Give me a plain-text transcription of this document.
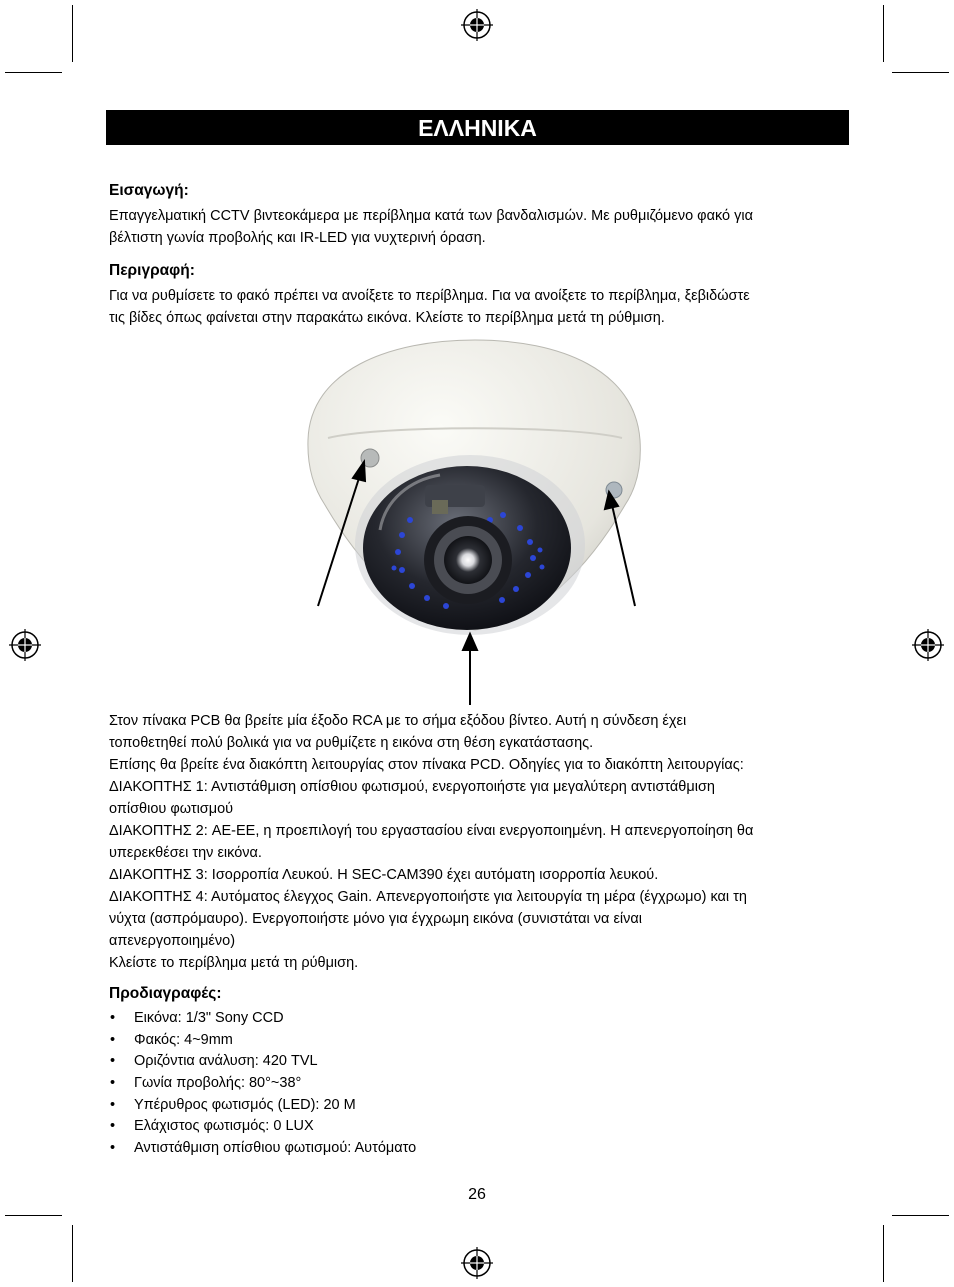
ΕΛΛΗΝΙΚΑ
Εισαγωγή:
Επαγγελματική CCTV βιντεοκάμερα με περίβλημα κατά των βανδαλισμών. Με ρυθμιζόμενο φακό για
βέλτιστη γωνία προβολής και IR-LED για νυχτερινή όραση.
Περιγραφή:
Για να ρυθμίσετε το φακό πρέπει να ανοίξετε το περίβλημα. Για να ανοίξετε το περίβλημα, ξεβιδώστε
τις βίδες όπως φαίνεται στην παρακάτω εικόνα. Κλείστε το περίβλημα μετά τη ρύθμιση.
Στον πίνακα PCB θα βρείτε μία έξοδο RCA με το σήμα εξόδου βίντεο. Αυτή η σύνδεση έχει
τοποθετηθεί πολύ βολικά για να ρυθμίζετε η εικόνα στη θέση εγκατάστασης.
Επίσης θα βρείτε ένα διακόπτη λειτουργίας στον πίνακα PCD. Οδηγίες για το διακόπτη λειτουργίας:
ΔΙΑΚΟΠΤΗΣ 1: Αντιστάθμιση οπίσθιου φωτισμού, ενεργοποιήστε για μεγαλύτερη αντιστάθμιση
οπίσθιου φωτισμού
ΔΙΑΚΟΠΤΗΣ 2: AE-EE, η προεπιλογή του εργαστασίου είναι ενεργοποιημένη. Η απενεργοποίηση θα
υπερεκθέσει την εικόνα.
ΔΙΑΚΟΠΤΗΣ 3: Ισορροπία Λευκού. Η SEC-CAM390 έχει αυτόματη ισορροπία λευκού.
ΔΙΑΚΟΠΤΗΣ 4: Αυτόματος έλεγχος Gain. Απενεργοποιήστε για λειτουργία τη μέρα (έγχρωμο) και τη
νύχτα (ασπρόμαυρο). Ενεργοποιήστε μόνο για έγχρωμη εικόνα (συνιστάται να είναι
απενεργοποιημένο)
Κλείστε το περίβλημα μετά τη ρύθμιση.
Προδιαγραφές:
• Εικόνα: 1/3" Sony CCD
• Φακός: 4~9mm
• Οριζόντια ανάλυση: 420 TVL
• Γωνία προβολής: 80°~38°
• Υπέρυθρος φωτισμός (LED): 20 M
• Ελάχιστος φωτισμός: 0 LUX
• Αντιστάθμιση οπίσθιου φωτισμού: Αυτόματο
26
